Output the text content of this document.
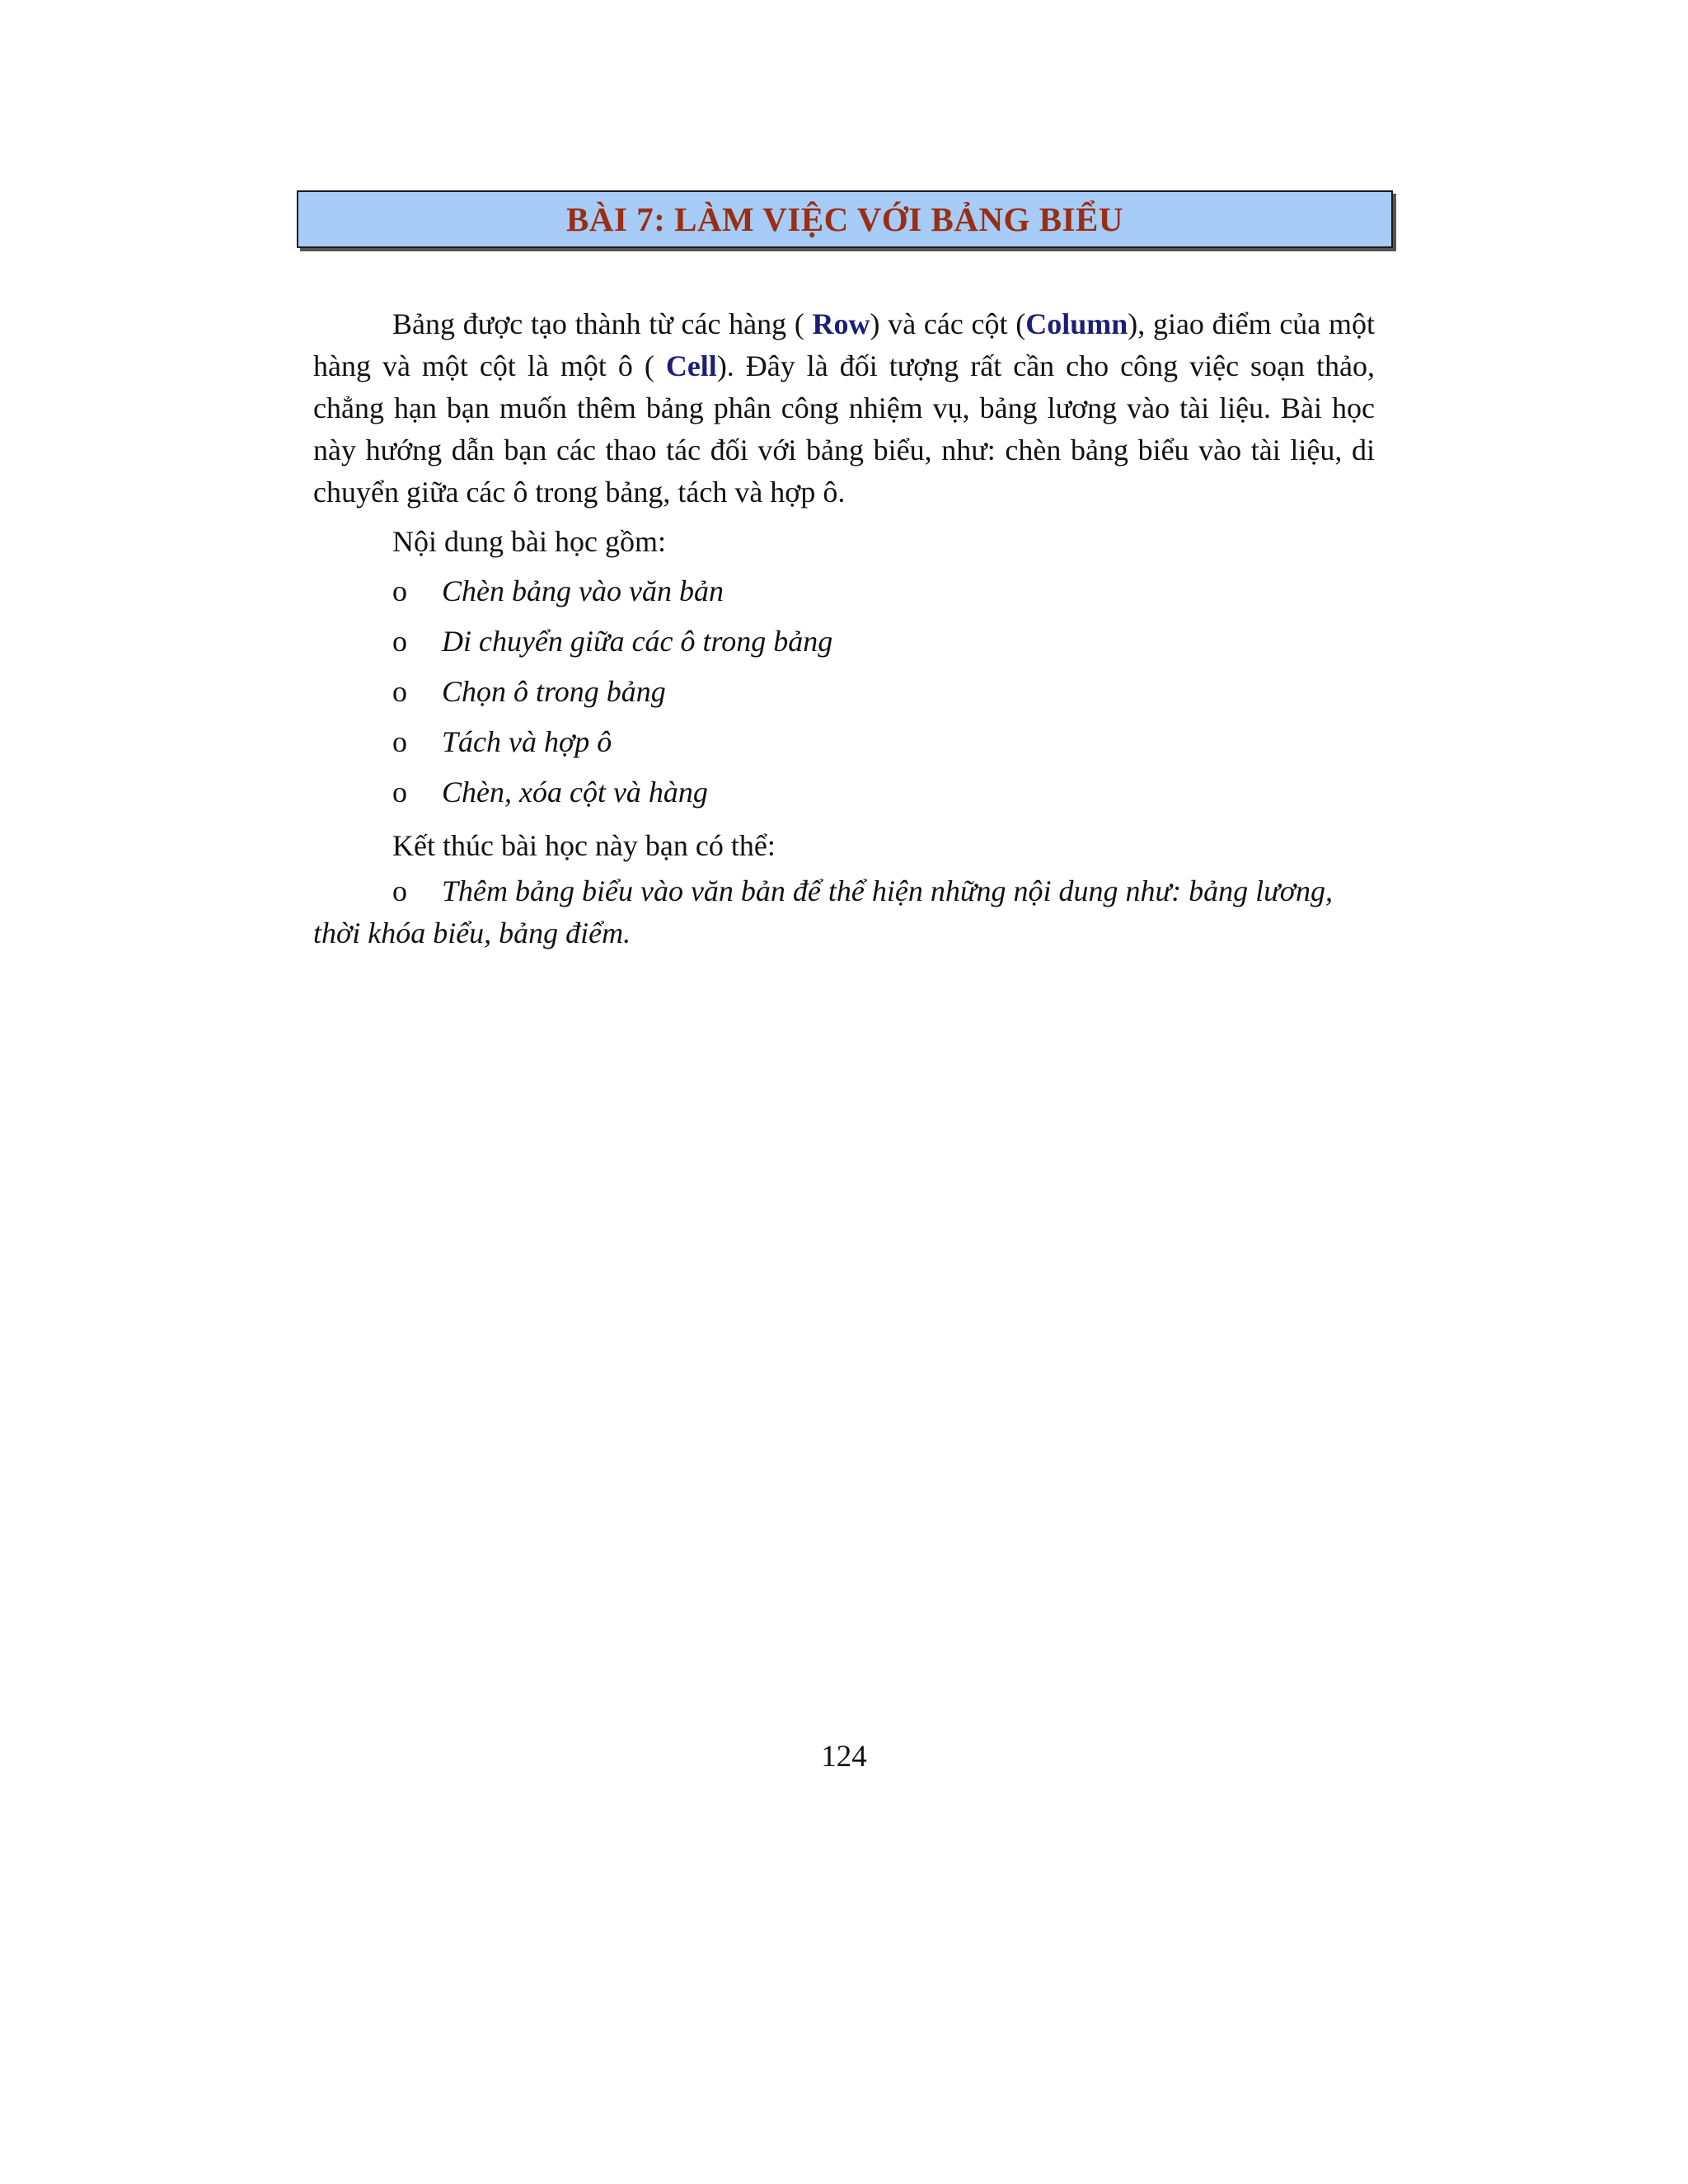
BÀI 7: LÀM VIỆC VỚI BẢNG BIỂU

Bảng được tạo thành từ các hàng ( Row) và các cột (Column), giao điểm của một hàng và một cột là một ô ( Cell). Đây là đối tượng rất cần cho công việc soạn thảo, chẳng hạn bạn muốn thêm bảng phân công nhiệm vụ, bảng lương vào tài liệu. Bài học này hướng dẫn bạn các thao tác đối với bảng biểu, như: chèn bảng biểu vào tài liệu, di chuyển giữa các ô trong bảng, tách và hợp ô.

Nội dung bài học gồm:

o Chèn bảng vào văn bản
o Di chuyển giữa các ô trong bảng
o Chọn ô trong bảng
o Tách và hợp ô
o Chèn, xóa cột và hàng

Kết thúc bài học này bạn có thể:

o Thêm bảng biểu vào văn bản để thể hiện những nội dung như: bảng lương, thời khóa biểu, bảng điểm.

124
